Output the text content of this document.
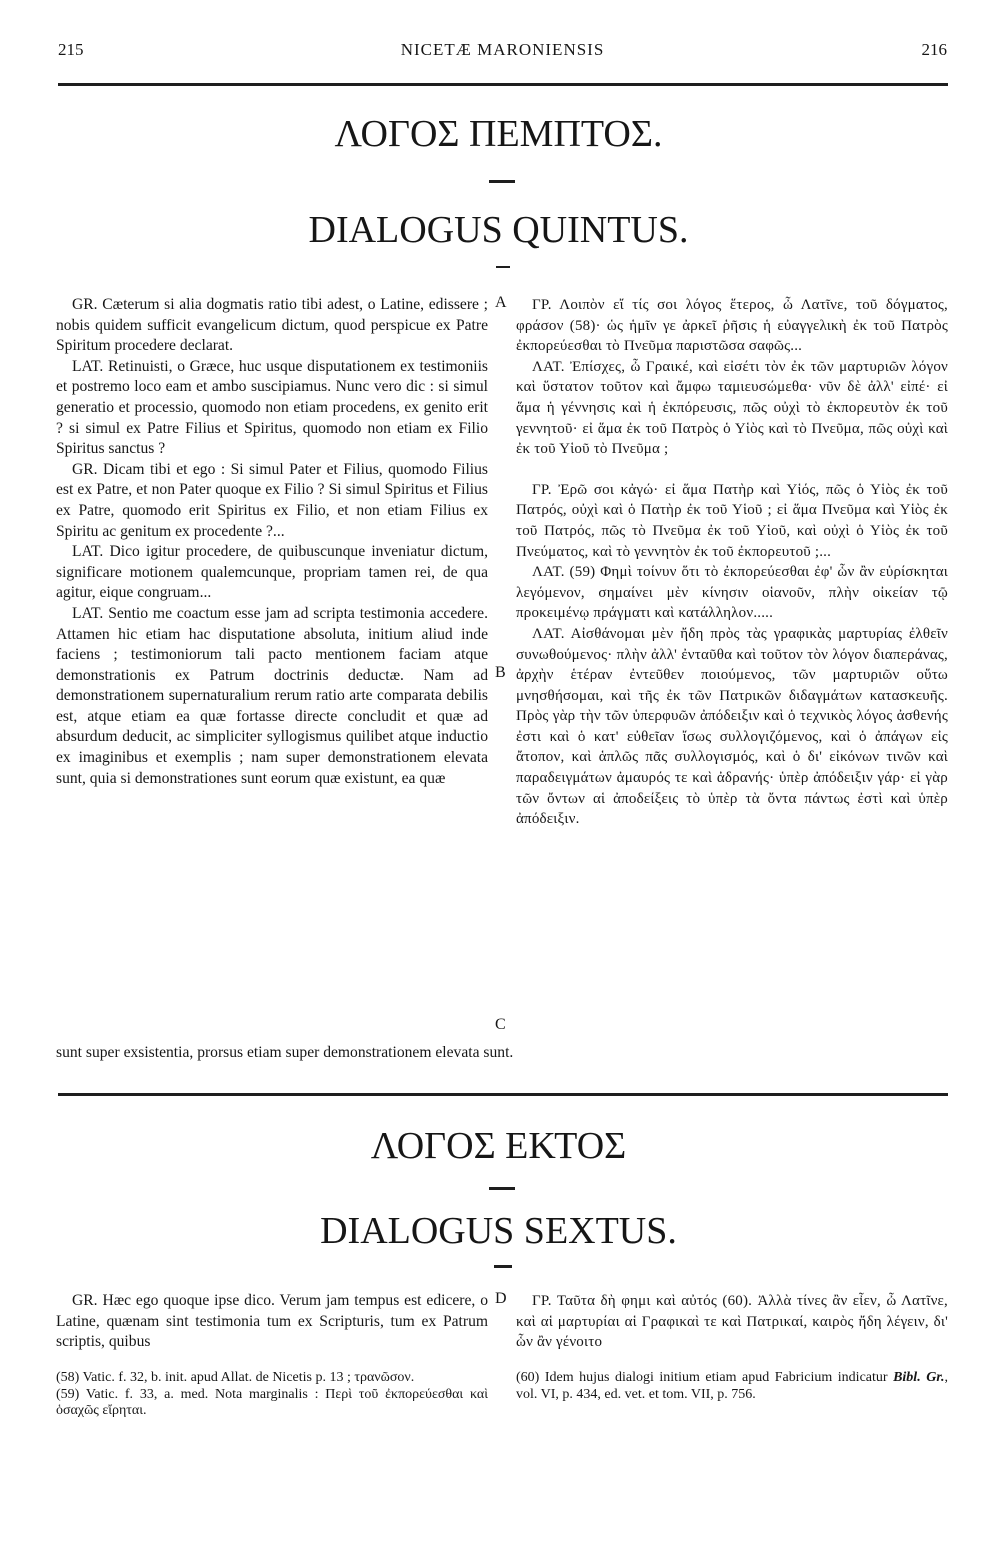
215	NICETÆ MARONIENSIS	216
ΛΟΓΟΣ ΠΕΜΠΤΟΣ.
DIALOGUS QUINTUS.

GR. Cæterum si alia dogmatis ratio tibi adest, o Latine, edissere ; nobis quidem sufficit evangelicum dictum, quod perspicue ex Patre Spiritum procedere declarat.

LAT. Retinuisti, o Græce, huc usque disputationem ex testimoniis et postremo loco eam et ambo suscipiamus. Nunc vero dic : si simul generatio et processio, quomodo non etiam procedens, ex genito erit ? si simul ex Patre Filius et Spiritus, quomodo non etiam ex Filio Spiritus sanctus ?

GR. Dicam tibi et ego : Si simul Pater et Filius, quomodo Filius est ex Patre, et non Pater quoque ex Filio ? Si simul Spiritus et Filius ex Patre, quomodo erit Spiritus ex Filio, et non etiam Filius ex Spiritu ac genitum ex procedente ?...

LAT. Dico igitur procedere, de quibuscunque inveniatur dictum, significare motionem qualemcunque, propriam tamen rei, de qua agitur, eique congruam...

LAT. Sentio me coactum esse jam ad scripta testimonia accedere. Attamen hic etiam hac disputatione absoluta, initium aliud inde faciens ; testimoniorum tali pacto mentionem faciam atque demonstrationis ex Patrum doctrinis deductæ. Nam ad demonstrationem supernaturalium rerum ratio arte comparata debilis est, atque etiam ea quæ fortasse directe concludit et quæ ad absurdum deducit, ac simpliciter syllogismus quilibet atque inductio ex imaginibus et exemplis ; nam super demonstrationem elevata sunt, quia si demonstrationes sunt eorum quæ existunt, ea quæ

ΓΡ. Λοιπὸν εἴ τίς σοι λόγος ἕτερος, ὦ Λατῖνε, τοῦ δόγματος, φράσον (58)· ὡς ἡμῖν γε ἀρκεῖ ῥῆσις ἡ εὐαγγελικὴ ἐκ τοῦ Πατρὸς ἐκπορεύεσθαι τὸ Πνεῦμα παριστῶσα σαφῶς...

ΛΑΤ. Ἐπίσχες, ὦ Γραικέ, καὶ εἰσέτι τὸν ἐκ τῶν μαρτυριῶν λόγον καὶ ὕστατον τοῦτον καὶ ἄμφω ταμιευσώμεθα· νῦν δὲ ἀλλ' εἰπέ· εἰ ἅμα ἡ γέννησις καὶ ἡ ἐκπόρευσις, πῶς οὐχὶ τὸ ἐκπορευτὸν ἐκ τοῦ γεννητοῦ· εἰ ἅμα ἐκ τοῦ Πατρὸς ὁ Υἱὸς καὶ τὸ Πνεῦμα, πῶς οὐχὶ καὶ ἐκ τοῦ Υἱοῦ τὸ Πνεῦμα ;

ΓΡ. Ἐρῶ σοι κἀγώ· εἰ ἅμα Πατὴρ καὶ Υἱός, πῶς ὁ Υἱὸς ἐκ τοῦ Πατρός, οὐχὶ καὶ ὁ Πατὴρ ἐκ τοῦ Υἱοῦ ; εἰ ἅμα Πνεῦμα καὶ Υἱὸς ἐκ τοῦ Πατρός, πῶς τὸ Πνεῦμα ἐκ τοῦ Υἱοῦ, καὶ οὐχὶ ὁ Υἱὸς ἐκ τοῦ Πνεύματος, καὶ τὸ γεννητὸν ἐκ τοῦ ἐκπορευτοῦ ;...

ΛΑΤ. (59) Φημὶ τοίνυν ὅτι τὸ ἐκπορεύεσθαι ἐφ' ὧν ἂν εὑρίσκηται λεγόμενον, σημαίνει μὲν κίνησιν οἱανοῦν, πλὴν οἰκείαν τῷ προκειμένῳ πράγματι καὶ κατάλληλον.....

ΛΑΤ. Αἰσθάνομαι μὲν ἤδη πρὸς τὰς γραφικὰς μαρτυρίας ἐλθεῖν συνωθούμενος· πλὴν ἀλλ' ἐνταῦθα καὶ τοῦτον τὸν λόγον διαπεράνας, ἀρχὴν ἑτέραν ἐντεῦθεν ποιούμενος, τῶν μαρτυριῶν οὕτω μνησθήσομαι, καὶ τῆς ἐκ τῶν Πατρικῶν διδαγμάτων κατασκευῆς. Πρὸς γὰρ τὴν τῶν ὑπερφυῶν ἀπόδειξιν καὶ ὁ τεχνικὸς λόγος ἀσθενής ἐστι καὶ ὁ κατ' εὐθεῖαν ἴσως συλλογιζόμενος, καὶ ὁ ἀπάγων εἰς ἄτοπον, καὶ ἁπλῶς πᾶς συλλογισμός, καὶ ὁ δι' εἰκόνων τινῶν καὶ παραδειγμάτων ἀμαυρός τε καὶ ἀδρανής· ὑπὲρ ἀπόδειξιν γάρ· εἰ γὰρ τῶν ὄντων αἱ ἀποδείξεις τὸ ὑπὲρ τὰ ὄντα πάντως ἐστὶ καὶ ὑπὲρ ἀπόδειξιν.

A
B
C
sunt super exsistentia, prorsus etiam super demonstrationem elevata sunt.
ΛΟΓΟΣ ΕΚΤΟΣ
DIALOGUS SEXTUS.

GR. Hæc ego quoque ipse dico. Verum jam tempus est edicere, o Latine, quænam sint testimonia tum ex Scripturis, tum ex Patrum scriptis, quibus

ΓΡ. Ταῦτα δὴ φημι καὶ αὐτός (60). Ἀλλὰ τίνες ἂν εἶεν, ὦ Λατῖνε, καὶ αἱ μαρτυρίαι αἱ Γραφικαὶ τε καὶ Πατρικαί, καιρὸς ἤδη λέγειν, δι' ὧν ἂν γένοιτο

D

(58) Vatic. f. 32, b. init. apud Allat. de Nicetis p. 13 ; τρανῶσον.

(59) Vatic. f. 33, a. med. Nota marginalis : Περὶ τοῦ ἐκπορεύεσθαι καὶ ὁσαχῶς εἴρηται.

(60) Idem hujus dialogi initium etiam apud Fabricium indicatur Bibl. Gr., vol. VI, p. 434, ed. vet. et tom. VII, p. 756.
